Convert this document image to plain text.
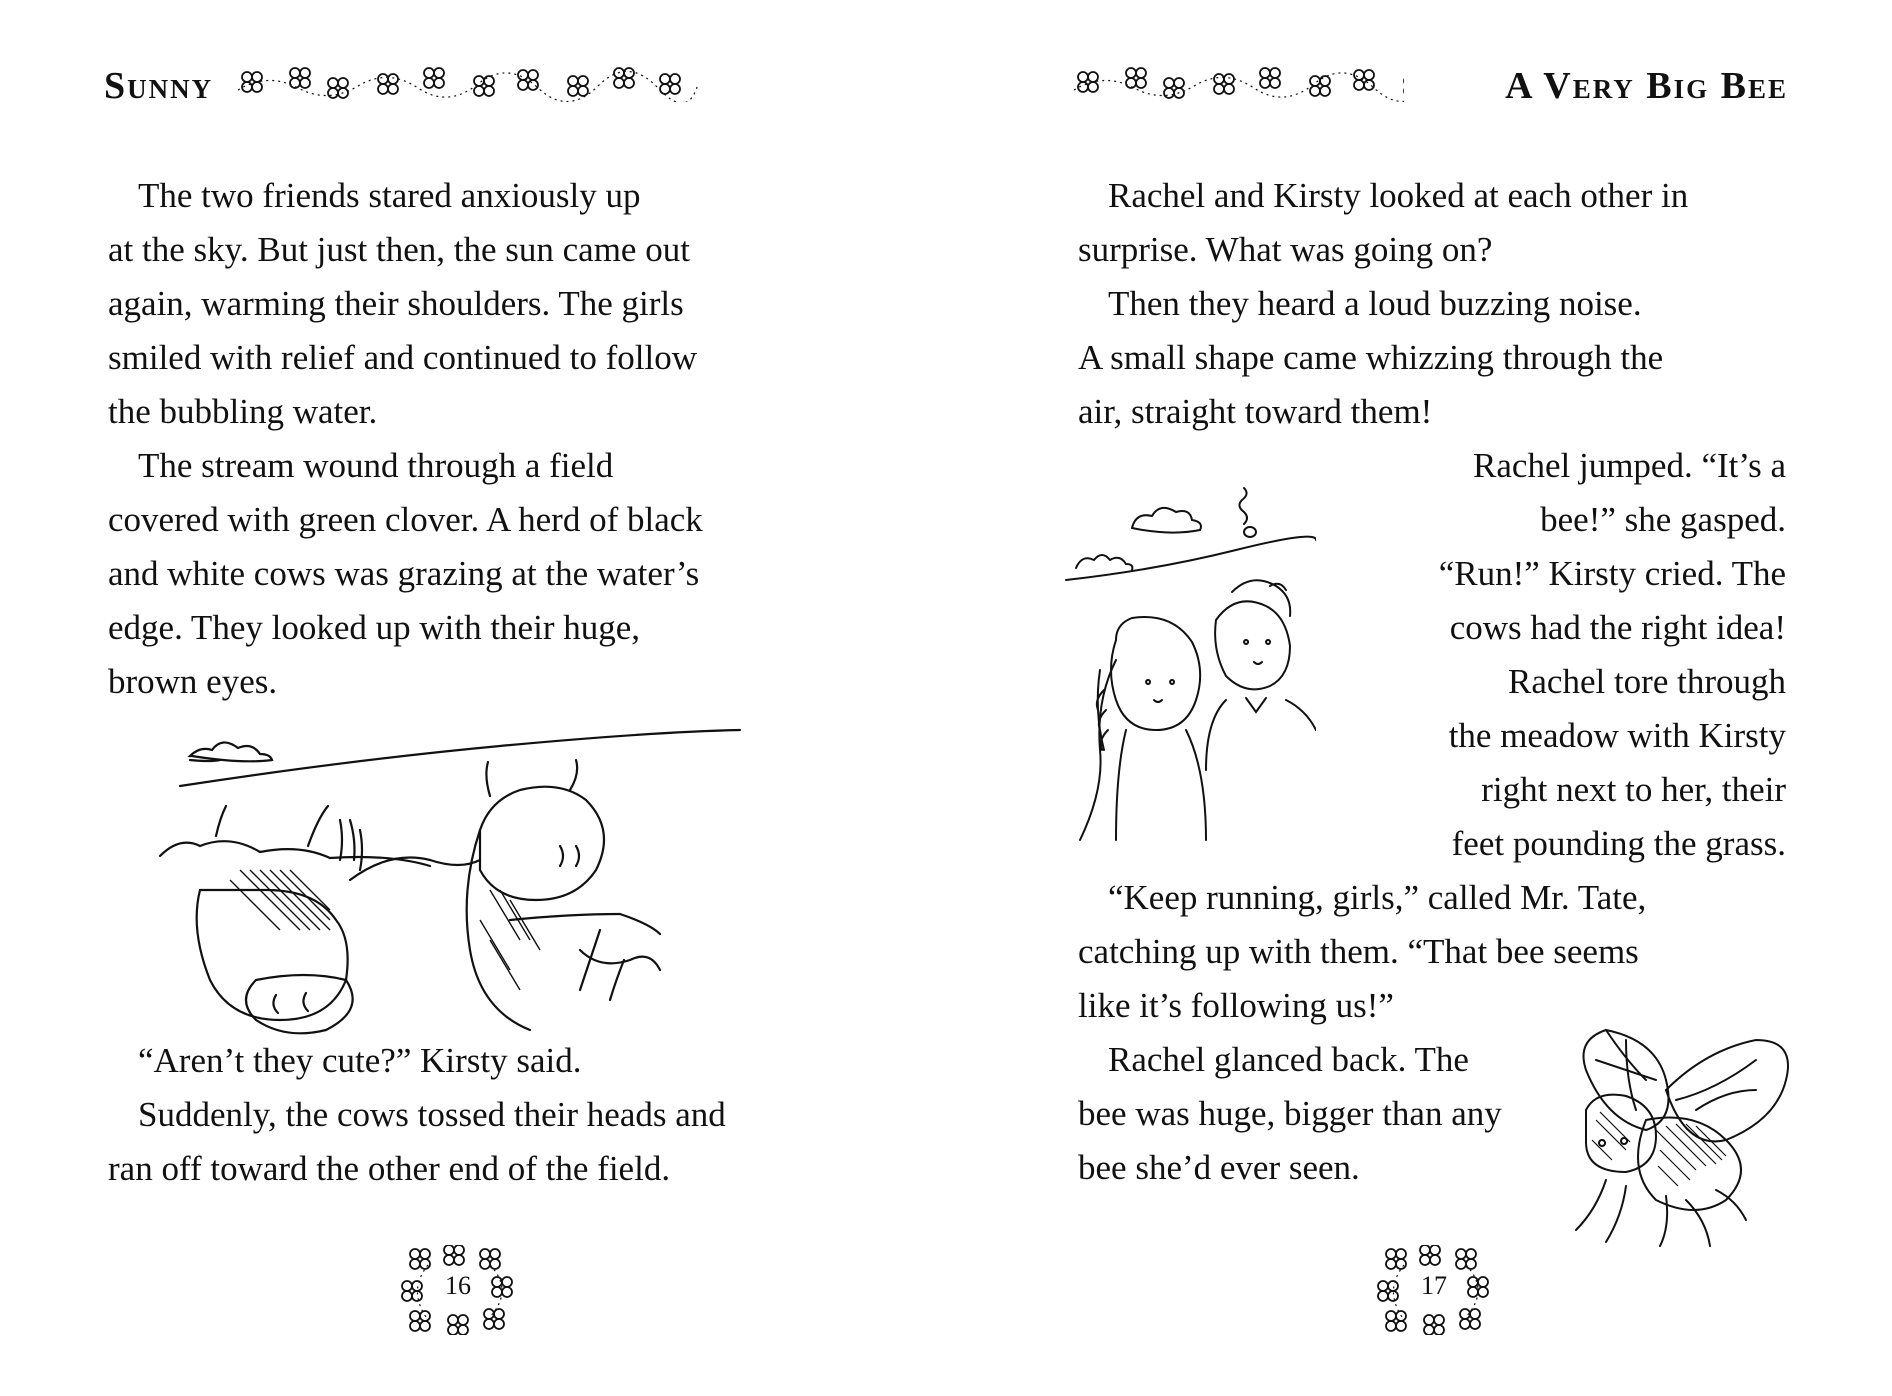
Sunny
The two friends stared anxiously up
at the sky. But just then, the sun came out
again, warming their shoulders. The girls
smiled with relief and continued to follow
the bubbling water.
The stream wound through a field
covered with green clover. A herd of black
and white cows was grazing at the water’s
edge. They looked up with their huge,
brown eyes.
“Aren’t they cute?” Kirsty said.
Suddenly, the cows tossed their heads and
ran off toward the other end of the field.
16
A Very Big Bee
Rachel and Kirsty looked at each other in
surprise. What was going on?
Then they heard a loud buzzing noise.
A small shape came whizzing through the
air, straight toward them!
Rachel jumped. “It’s a
bee!” she gasped.
“Run!” Kirsty cried. The
cows had the right idea!
Rachel tore through
the meadow with Kirsty
right next to her, their
feet pounding the grass.
“Keep running, girls,” called Mr. Tate,
catching up with them. “That bee seems
like it’s following us!”
Rachel glanced back. The
bee was huge, bigger than any
bee she’d ever seen.
17
